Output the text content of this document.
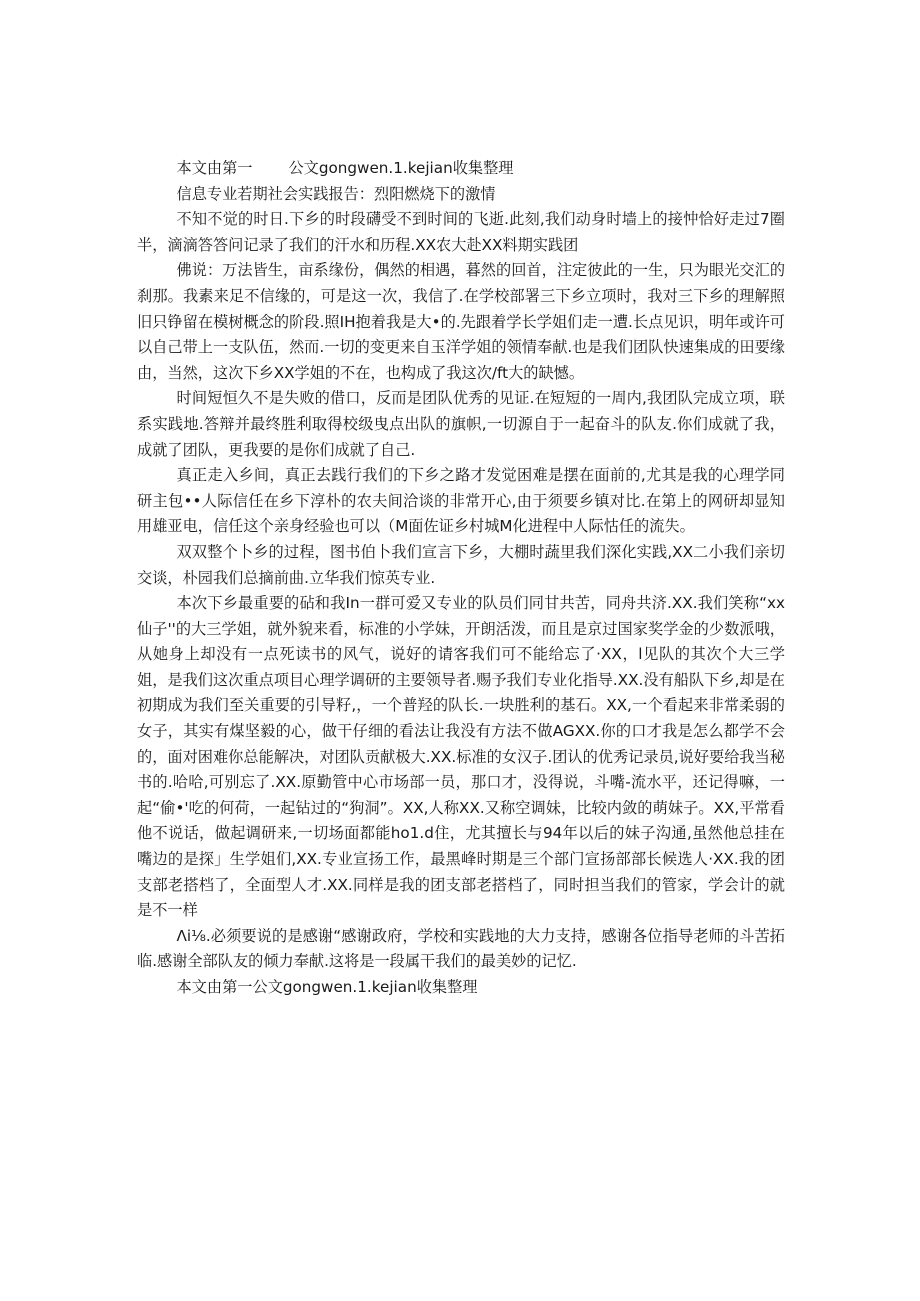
本文由第一 公文gongwen.1.kejian收集整理

信息专业若期社会实践报告：烈阳燃烧下的激情

不知不觉的时日.下乡的时段礴受不到时间的飞逝.此刻,我们动身时墙上的接忡恰好走过7圈半，滴滴答答问记录了我们的汗水和历程.XX农大赴XX料期实践团

佛说：万法皆生，亩系缘份，偶然的相遇，暮然的回首，注定彼此的一生，只为眼光交汇的刹那。我素来足不信缘的，可是这一次，我信了.在学校部署三下乡立项时，我对三下乡的理解照旧只铮留在模树概念的阶段.照IH抱着我是大•的.先跟着学长学姐们走一遭.长点见识，明年或许可以自己带上一支队伍，然而.一切的变更来自玉洋学姐的领情奉献.也是我们团队快速集成的田要缘由，当然，这次下乡XX学姐的不在，也构成了我这次/ft大的缺憾。

时间短恒久不是失败的借口，反而是团队优秀的见证.在短短的一周内,我团队完成立项，联系实践地.答辩并最终胜利取得校级曳点出队的旗帜,一切源自于一起奋斗的队友.你们成就了我，成就了团队，更我要的是你们成就了自己.

真正走入乡间，真正去践行我们的下乡之路才发觉困难是摆在面前的,尤其是我的心理学同研主包••人际信任在乡下淳朴的农夫间洽谈的非常开心,由于须要乡镇对比.在第上的网研却显知用雄亚电，信任这个亲身经验也可以（M面佐证乡村城M化进程中人际怙任的流失。

双双整个卜乡的过程，图书伯卜我们宣言下乡，大棚时蔬里我们深化实践,XX二小我们亲切交谈，朴园我们总摘前曲.立华我们惊英专业.

本次下乡最重要的砧和我In一群可爱又专业的队员们同甘共苦，同舟共济.XX.我们笑称“xx仙子''的大三学姐，就外貌来看，标准的小学妹，开朗活泼，而且是京过国家奖学金的少数派哦，从她身上却没有一点死读书的风气，说好的请客我们可不能给忘了·XX，l见队的其次个大三学姐，是我们这次重点项目心理学调研的主要领导者.赐予我们专业化指导.XX.没有船队下乡,却是在初期成为我们至关重要的引导籽,，一个普羟的队长.一块胜利的基石。XX,一个看起来非常柔弱的女子，其实有煤坚毅的心，做干仔细的看法让我没有方法不做AGXX.你的口才我是怎么都学不会的，面对困难你总能解决，对团队贡献极大.XX.标准的女汉子.团认的优秀记录员,说好要给我当秘书的.哈哈,可别忘了.XX.原勤管中心市场部一员，那口才，没得说，斗嘴-流水平，还记得嘛，一起“偷•'吃的何荷，一起钻过的“狗洞”。XX,人称XX.又称空调妹，比较内敛的萌妹子。XX,平常看他不说话，做起调研来,一切场面都能ho1.d住，尤其擅长与94年以后的妹子沟通,虽然他总挂在嘴边的是探」生学姐们,XX.专业宣扬工作，最黑峰时期是三个部门宣扬部部长候选人·XX.我的团支部老搭档了，全面型人才.XX.同样是我的团支部老搭档了，同时担当我们的管家，学会计的就是不一样

Λi⅛.必须要说的是感谢“感谢政府，学校和实践地的大力支持，感谢各位指导老师的斗苦拓临.感谢全部队友的倾力奉献.这将是一段属干我们的最美妙的记忆.

本文由第一公文gongwen.1.kejian收集整理
